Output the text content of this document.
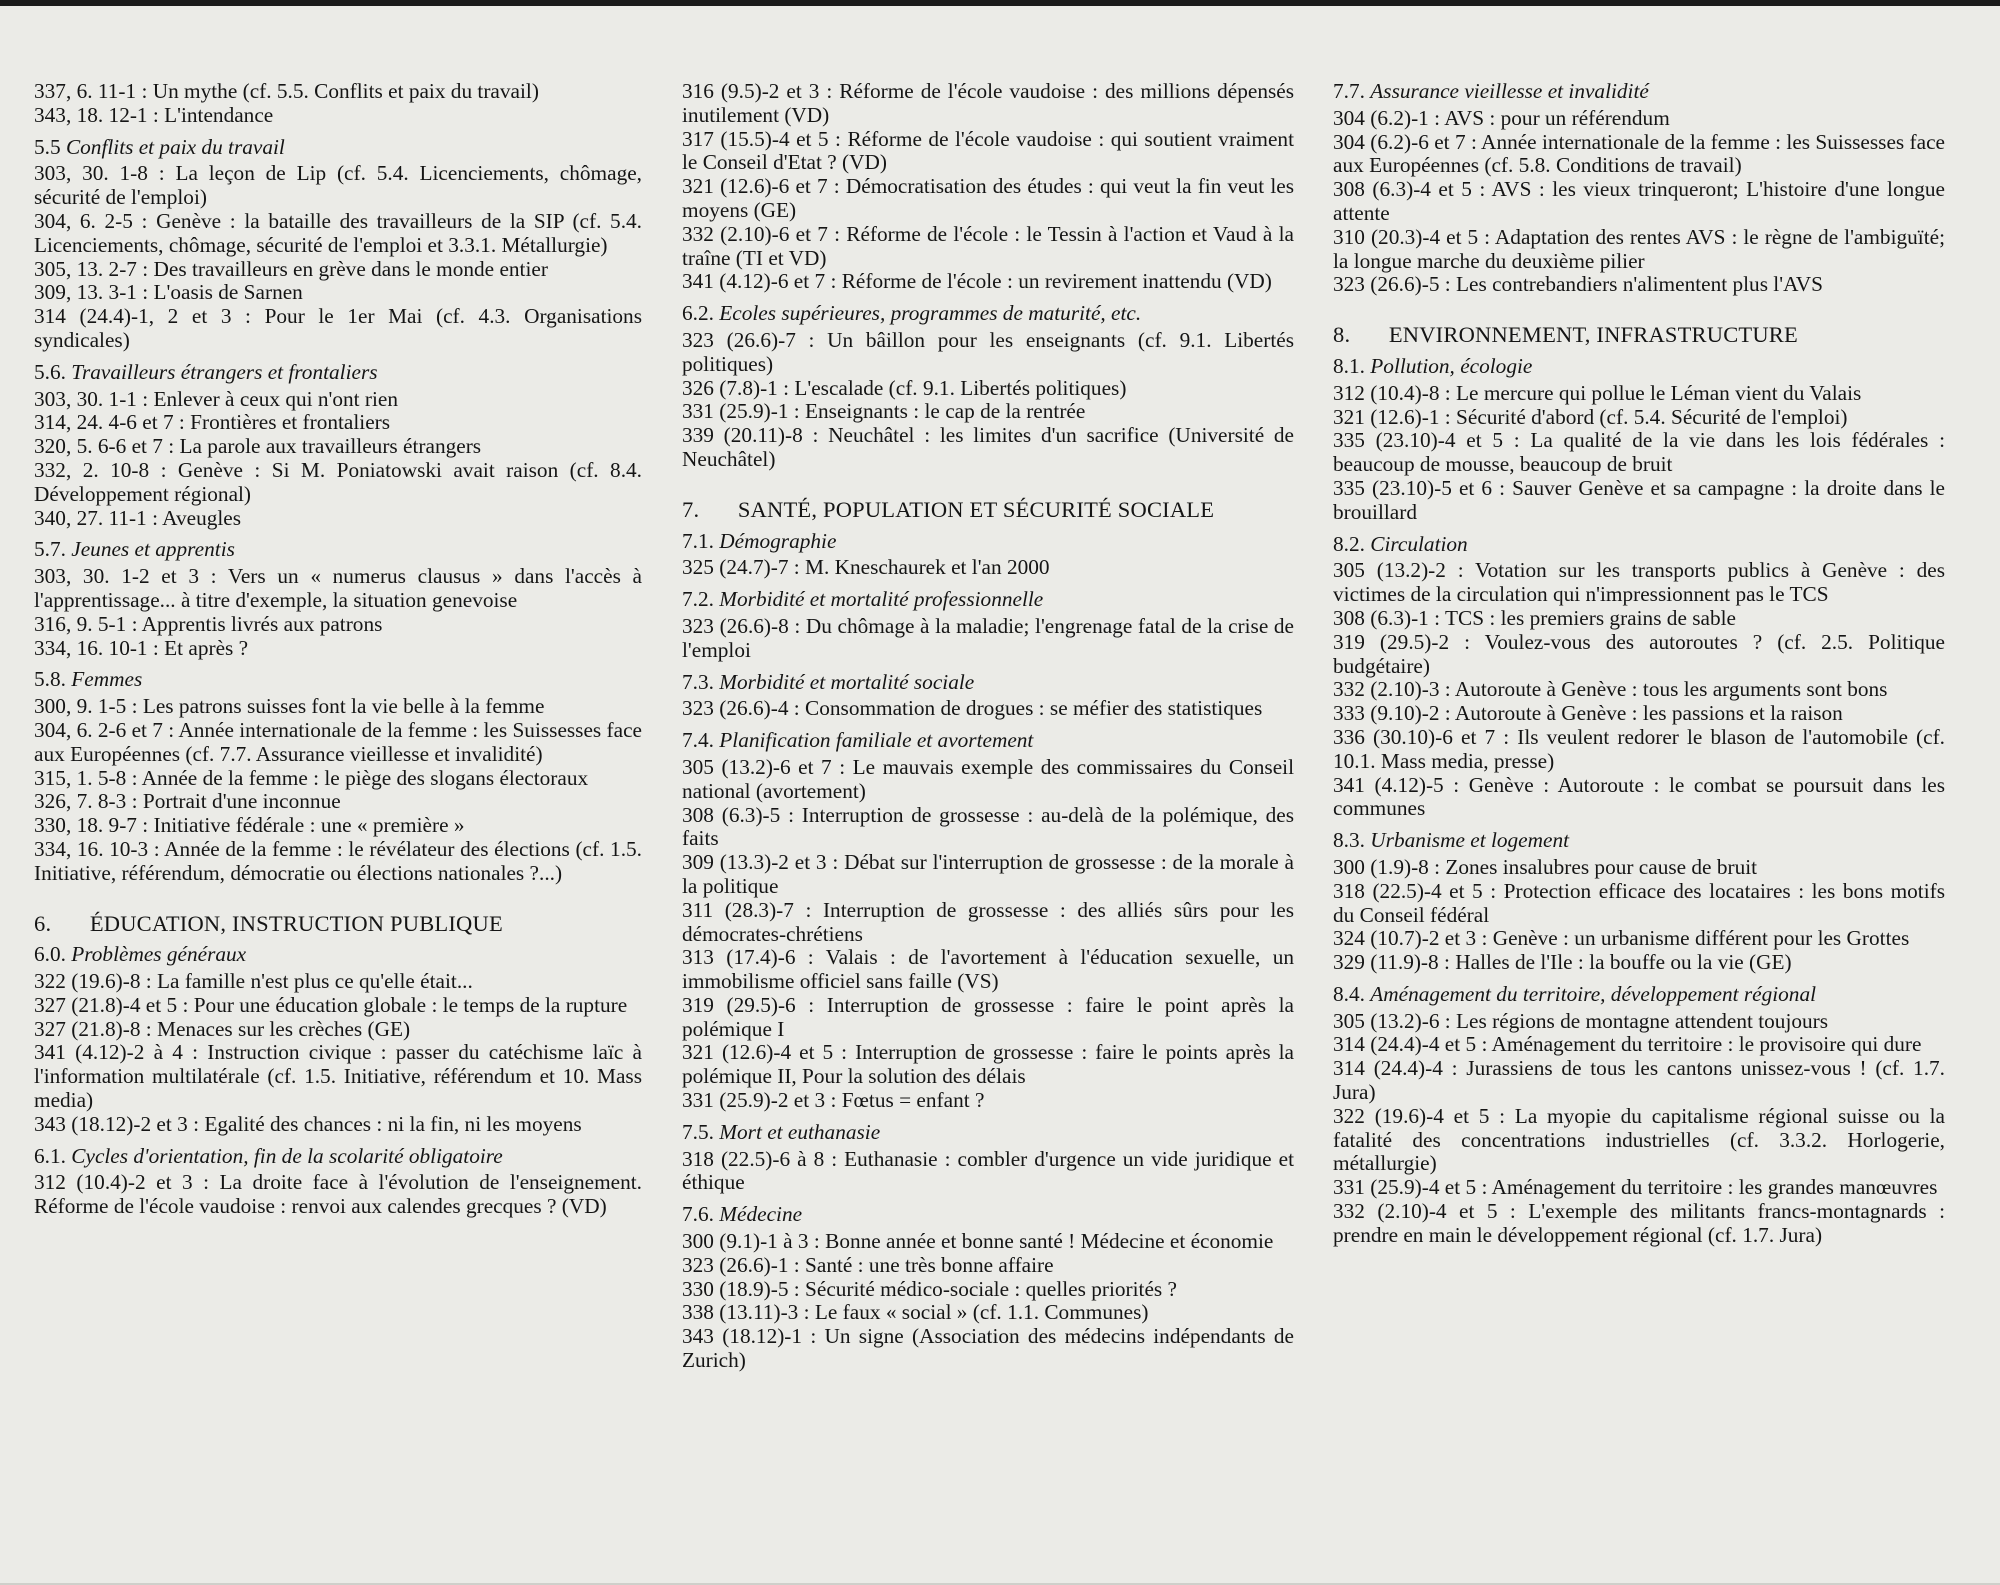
337, 6. 11-1 : Un mythe (cf. 5.5. Conflits et paix du travail)

343, 18. 12-1 : L'intendance

5.5 Conflits et paix du travail

303, 30. 1-8 : La leçon de Lip (cf. 5.4. Licenciements, chômage, sécurité de l'emploi)

304, 6. 2-5 : Genève : la bataille des travailleurs de la SIP (cf. 5.4. Licenciements, chômage, sécurité de l'emploi et 3.3.1. Métallurgie)

305, 13. 2-7 : Des travailleurs en grève dans le monde entier

309, 13. 3-1 : L'oasis de Sarnen

314 (24.4)-1, 2 et 3 : Pour le 1er Mai (cf. 4.3. Organisations syndicales)

5.6. Travailleurs étrangers et frontaliers

303, 30. 1-1 : Enlever à ceux qui n'ont rien

314, 24. 4-6 et 7 : Frontières et frontaliers

320, 5. 6-6 et 7 : La parole aux travailleurs étrangers

332, 2. 10-8 : Genève : Si M. Poniatowski avait raison (cf. 8.4. Développement régional)

340, 27. 11-1 : Aveugles

5.7. Jeunes et apprentis

303, 30. 1-2 et 3 : Vers un « numerus clausus » dans l'accès à l'apprentissage... à titre d'exemple, la situation genevoise

316, 9. 5-1 : Apprentis livrés aux patrons

334, 16. 10-1 : Et après ?

5.8. Femmes

300, 9. 1-5 : Les patrons suisses font la vie belle à la femme

304, 6. 2-6 et 7 : Année internationale de la femme : les Suissesses face aux Européennes (cf. 7.7. Assurance vieillesse et invalidité)

315, 1. 5-8 : Année de la femme : le piège des slogans électoraux

326, 7. 8-3 : Portrait d'une inconnue

330, 18. 9-7 : Initiative fédérale : une « première »

334, 16. 10-3 : Année de la femme : le révélateur des élections (cf. 1.5. Initiative, référendum, démocratie ou élections nationales ?...)

6. ÉDUCATION, INSTRUCTION PUBLIQUE
6.0. Problèmes généraux

322 (19.6)-8 : La famille n'est plus ce qu'elle était...

327 (21.8)-4 et 5 : Pour une éducation globale : le temps de la rupture

327 (21.8)-8 : Menaces sur les crèches (GE)

341 (4.12)-2 à 4 : Instruction civique : passer du catéchisme laïc à l'information multilatérale (cf. 1.5. Initiative, référendum et 10. Mass media)

343 (18.12)-2 et 3 : Egalité des chances : ni la fin, ni les moyens

6.1. Cycles d'orientation, fin de la scolarité obligatoire

312 (10.4)-2 et 3 : La droite face à l'évolution de l'enseignement. Réforme de l'école vaudoise : renvoi aux calendes grecques ? (VD)

316 (9.5)-2 et 3 : Réforme de l'école vaudoise : des millions dépensés inutilement (VD)

317 (15.5)-4 et 5 : Réforme de l'école vaudoise : qui soutient vraiment le Conseil d'Etat ? (VD)

321 (12.6)-6 et 7 : Démocratisation des études : qui veut la fin veut les moyens (GE)

332 (2.10)-6 et 7 : Réforme de l'école : le Tessin à l'action et Vaud à la traîne (TI et VD)

341 (4.12)-6 et 7 : Réforme de l'école : un revirement inattendu (VD)

6.2. Ecoles supérieures, programmes de maturité, etc.

323 (26.6)-7 : Un bâillon pour les enseignants (cf. 9.1. Libertés politiques)

326 (7.8)-1 : L'escalade (cf. 9.1. Libertés politiques)

331 (25.9)-1 : Enseignants : le cap de la rentrée

339 (20.11)-8 : Neuchâtel : les limites d'un sacrifice (Université de Neuchâtel)

7. SANTÉ, POPULATION ET SÉCURITÉ SOCIALE
7.1. Démographie

325 (24.7)-7 : M. Kneschaurek et l'an 2000

7.2. Morbidité et mortalité professionnelle

323 (26.6)-8 : Du chômage à la maladie; l'engrenage fatal de la crise de l'emploi

7.3. Morbidité et mortalité sociale

323 (26.6)-4 : Consommation de drogues : se méfier des statistiques

7.4. Planification familiale et avortement

305 (13.2)-6 et 7 : Le mauvais exemple des commissaires du Conseil national (avortement)

308 (6.3)-5 : Interruption de grossesse : au-delà de la polémique, des faits

309 (13.3)-2 et 3 : Débat sur l'interruption de grossesse : de la morale à la politique

311 (28.3)-7 : Interruption de grossesse : des alliés sûrs pour les démocrates-chrétiens

313 (17.4)-6 : Valais : de l'avortement à l'éducation sexuelle, un immobilisme officiel sans faille (VS)

319 (29.5)-6 : Interruption de grossesse : faire le point après la polémique I

321 (12.6)-4 et 5 : Interruption de grossesse : faire le points après la polémique II, Pour la solution des délais

331 (25.9)-2 et 3 : Fœtus = enfant ?

7.5. Mort et euthanasie

318 (22.5)-6 à 8 : Euthanasie : combler d'urgence un vide juridique et éthique

7.6. Médecine

300 (9.1)-1 à 3 : Bonne année et bonne santé ! Médecine et économie

323 (26.6)-1 : Santé : une très bonne affaire

330 (18.9)-5 : Sécurité médico-sociale : quelles priorités ?

338 (13.11)-3 : Le faux « social » (cf. 1.1. Communes)

343 (18.12)-1 : Un signe (Association des médecins indépendants de Zurich)

7.7. Assurance vieillesse et invalidité

304 (6.2)-1 : AVS : pour un référendum

304 (6.2)-6 et 7 : Année internationale de la femme : les Suissesses face aux Européennes (cf. 5.8. Conditions de travail)

308 (6.3)-4 et 5 : AVS : les vieux trinqueront; L'histoire d'une longue attente

310 (20.3)-4 et 5 : Adaptation des rentes AVS : le règne de l'ambiguïté; la longue marche du deuxième pilier

323 (26.6)-5 : Les contrebandiers n'alimentent plus l'AVS

8. ENVIRONNEMENT, INFRASTRUCTURE
8.1. Pollution, écologie

312 (10.4)-8 : Le mercure qui pollue le Léman vient du Valais

321 (12.6)-1 : Sécurité d'abord (cf. 5.4. Sécurité de l'emploi)

335 (23.10)-4 et 5 : La qualité de la vie dans les lois fédérales : beaucoup de mousse, beaucoup de bruit

335 (23.10)-5 et 6 : Sauver Genève et sa campagne : la droite dans le brouillard

8.2. Circulation

305 (13.2)-2 : Votation sur les transports publics à Genève : des victimes de la circulation qui n'impressionnent pas le TCS

308 (6.3)-1 : TCS : les premiers grains de sable

319 (29.5)-2 : Voulez-vous des autoroutes ? (cf. 2.5. Politique budgétaire)

332 (2.10)-3 : Autoroute à Genève : tous les arguments sont bons

333 (9.10)-2 : Autoroute à Genève : les passions et la raison

336 (30.10)-6 et 7 : Ils veulent redorer le blason de l'automobile (cf. 10.1. Mass media, presse)

341 (4.12)-5 : Genève : Autoroute : le combat se poursuit dans les communes

8.3. Urbanisme et logement

300 (1.9)-8 : Zones insalubres pour cause de bruit

318 (22.5)-4 et 5 : Protection efficace des locataires : les bons motifs du Conseil fédéral

324 (10.7)-2 et 3 : Genève : un urbanisme différent pour les Grottes

329 (11.9)-8 : Halles de l'Ile : la bouffe ou la vie (GE)

8.4. Aménagement du territoire, développement régional

305 (13.2)-6 : Les régions de montagne attendent toujours

314 (24.4)-4 et 5 : Aménagement du territoire : le provisoire qui dure

314 (24.4)-4 : Jurassiens de tous les cantons unissez-vous ! (cf. 1.7. Jura)

322 (19.6)-4 et 5 : La myopie du capitalisme régional suisse ou la fatalité des concentrations industrielles (cf. 3.3.2. Horlogerie, métallurgie)

331 (25.9)-4 et 5 : Aménagement du territoire : les grandes manœuvres

332 (2.10)-4 et 5 : L'exemple des militants francs-montagnards : prendre en main le développement régional (cf. 1.7. Jura)
